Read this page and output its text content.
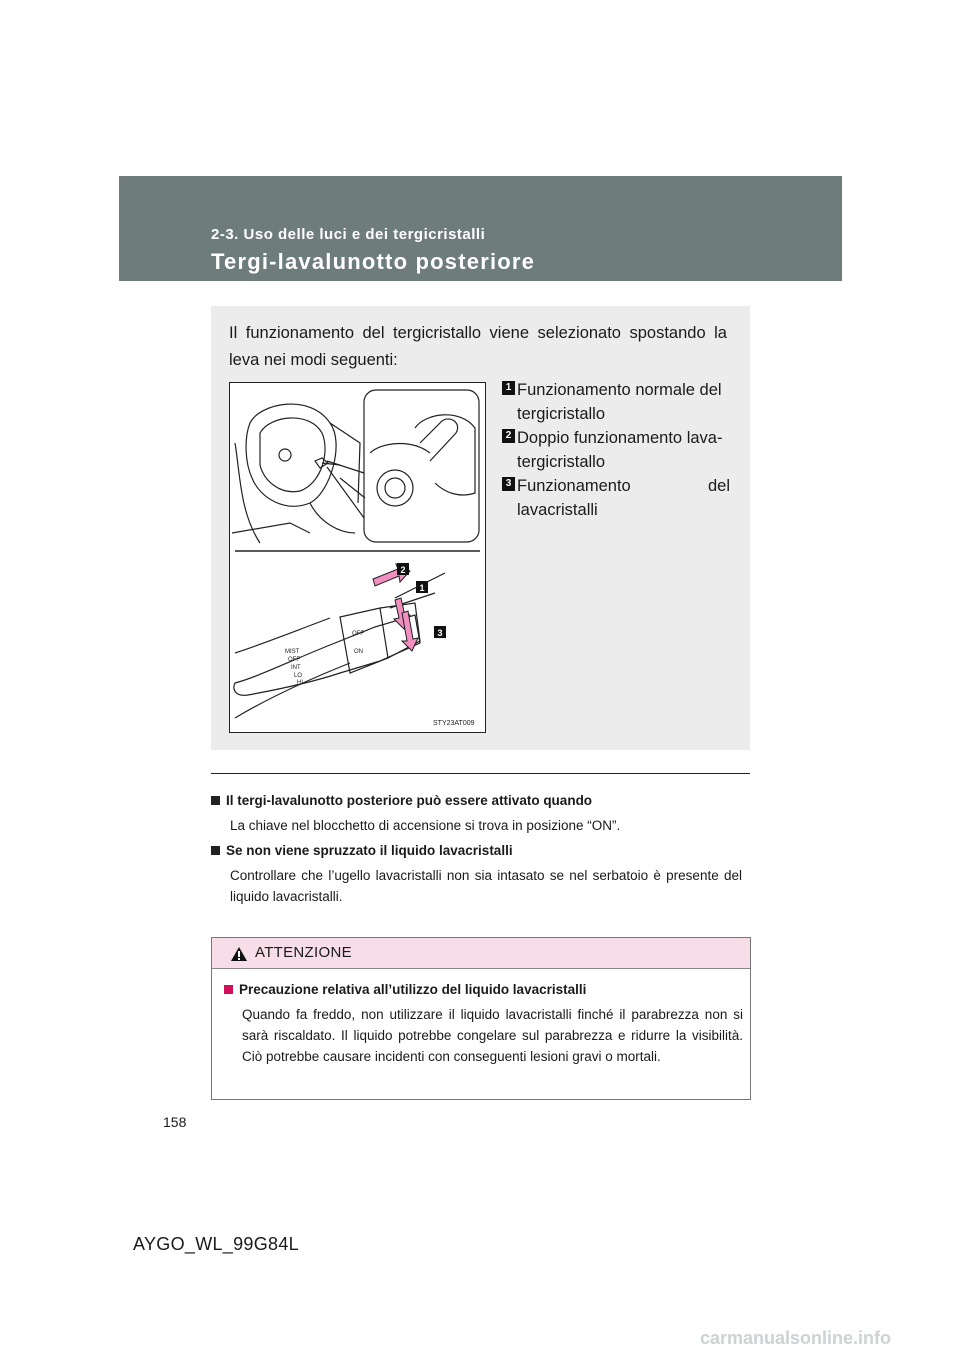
2-3. Uso delle luci e dei tergicristalli
Tergi-lavalunotto posteriore
Il funzionamento del tergicristallo viene selezionato spostando la leva nei modi seguenti:
MIST
OFF
INT
LO
HI
OFF
ON
2
1
3
STY23AT009
1 Funzionamento normale del tergicristallo
2 Doppio funzionamento lava-tergicristallo
3 Funzionamento del lavacristalli
Il tergi-lavalunotto posteriore può essere attivato quando
La chiave nel blocchetto di accensione si trova in posizione “ON”.
Se non viene spruzzato il liquido lavacristalli
Controllare che l’ugello lavacristalli non sia intasato se nel serbatoio è presente del liquido lavacristalli.
ATTENZIONE
Precauzione relativa all’utilizzo del liquido lavacristalli
Quando fa freddo, non utilizzare il liquido lavacristalli finché il parabrezza non si sarà riscaldato. Il liquido potrebbe congelare sul parabrezza e ridurre la visibilità. Ciò potrebbe causare incidenti con conseguenti lesioni gravi o mortali.
158
AYGO_WL_99G84L
carmanualsonline.info
